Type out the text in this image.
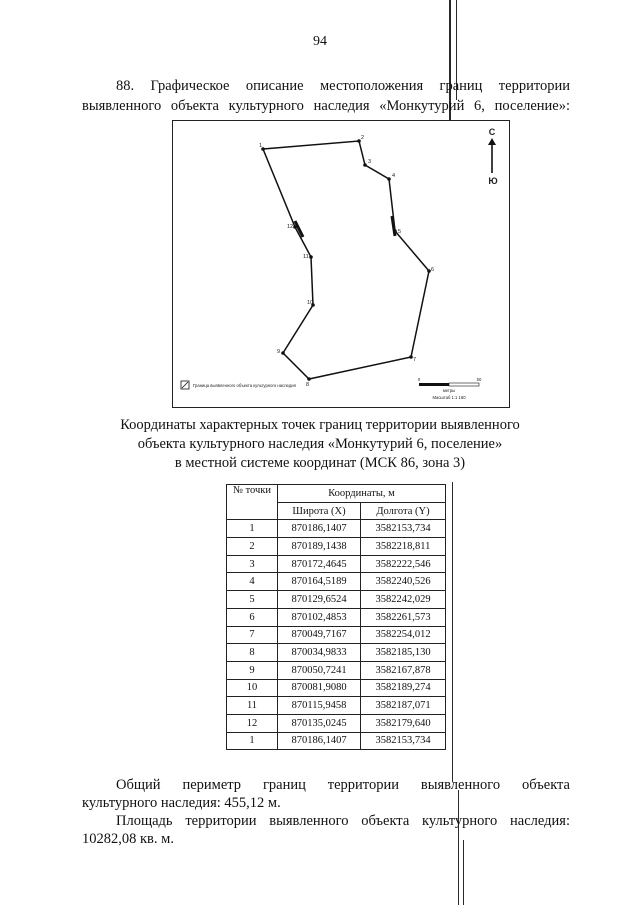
94
88. Графическое описание местоположения границ территории
выявленного объекта культурного наследия «Монкутурий 6, поселение»:
1
2
3
4
5
6
7
8
9
10
11
12
С
Ю
Граница выявленного объекта культурного наследия
0	50
метры
Масштаб 1:1 160
Координаты характерных точек границ территории выявленного
объекта культурного наследия «Монкутурий 6, поселение»
в местной системе координат (МСК 86, зона 3)
№ точки	Координаты, м	
	Широта (X)	Долгота (Y)
1	870186,1407	3582153,734
2	870189,1438	3582218,811
3	870172,4645	3582222,546
4	870164,5189	3582240,526
5	870129,6524	3582242,029
6	870102,4853	3582261,573
7	870049,7167	3582254,012
8	870034,9833	3582185,130
9	870050,7241	3582167,878
10	870081,9080	3582189,274
11	870115,9458	3582187,071
12	870135,0245	3582179,640
1	870186,1407	3582153,734
Общий периметр границ территории выявленного объекта
культурного наследия: 455,12 м.
Площадь территории выявленного объекта культурного наследия:
10282,08 кв. м.
